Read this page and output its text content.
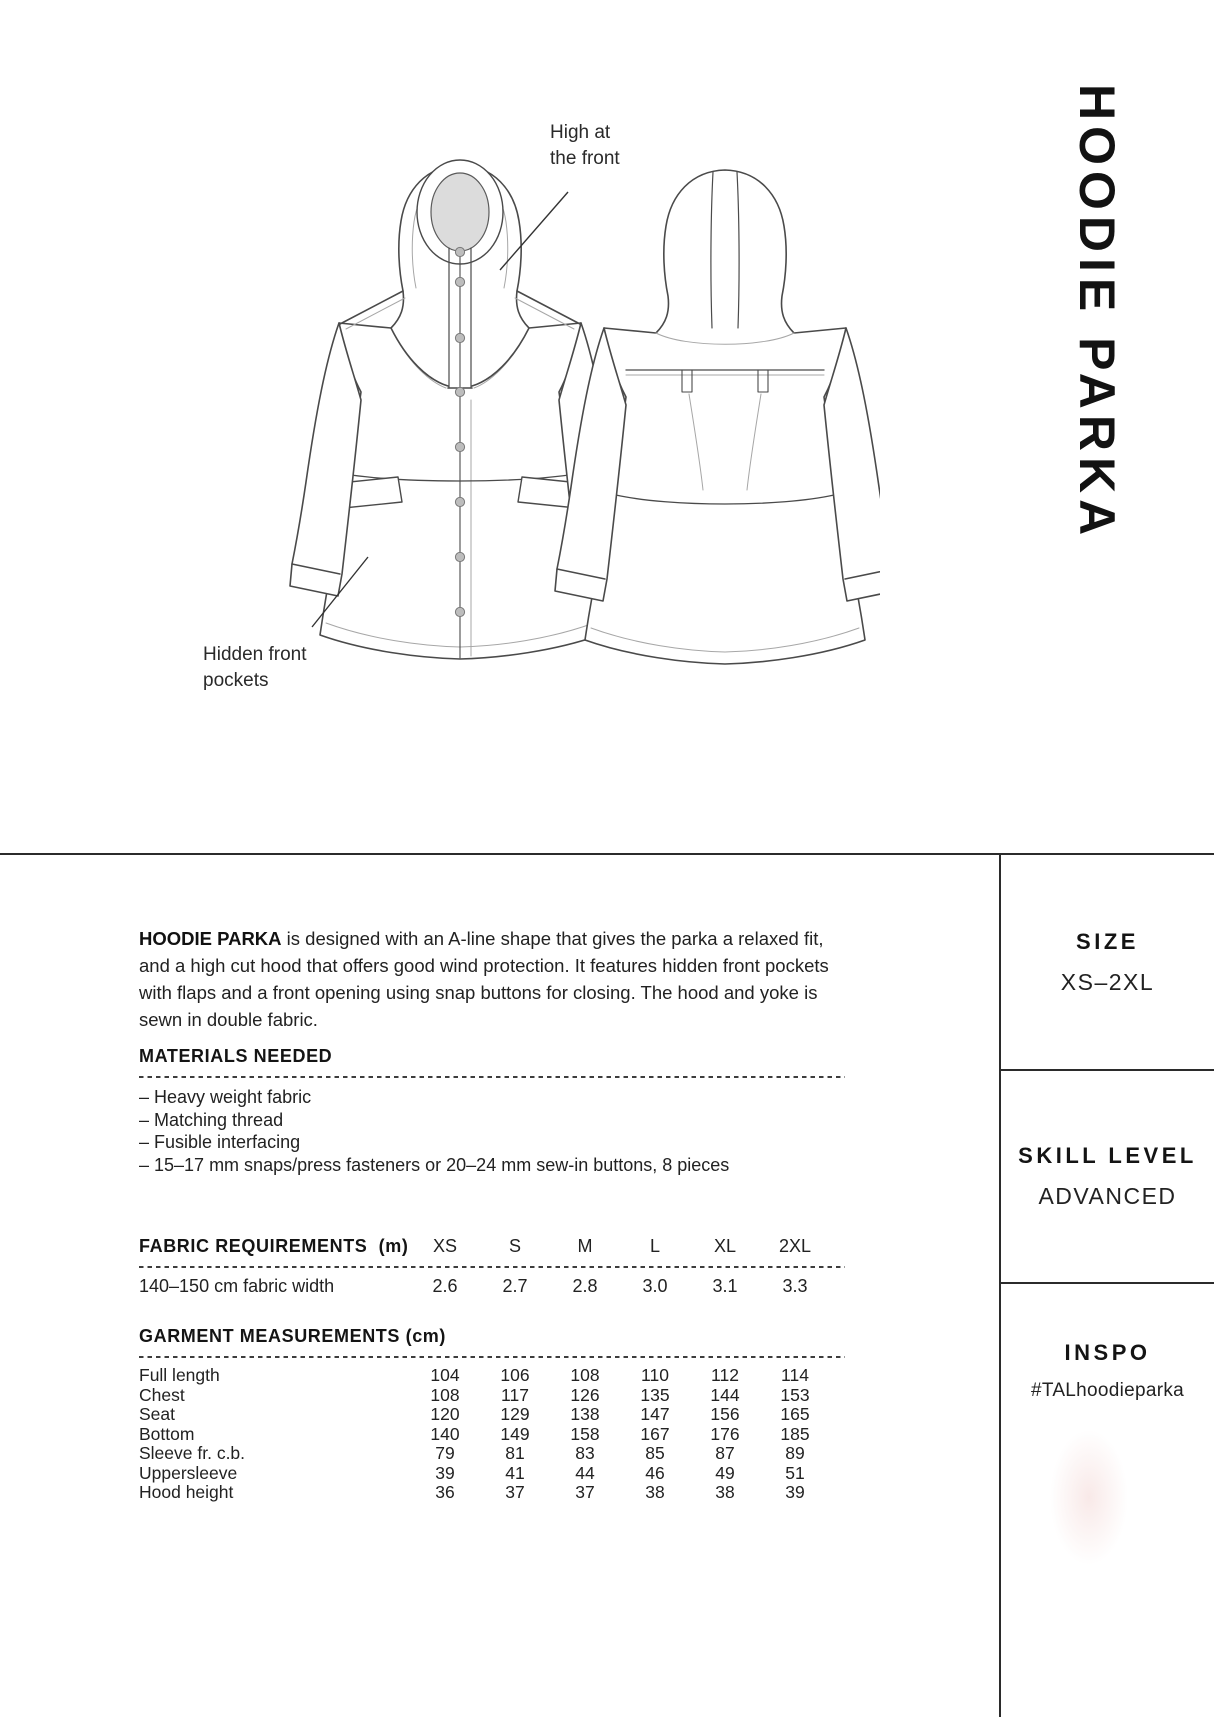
High at
the front
Hidden front
pockets
HOODIE PARKA
SIZE
XS–2XL
SKILL LEVEL
ADVANCED
INSPO
#TALhoodieparka

HOODIE PARKA is designed with an A-line shape that gives the parka a relaxed fit, and a high cut hood that offers good wind protection. It features hidden front pockets with flaps and a front opening using snap buttons for closing. The hood and yoke is sewn in double fabric.

MATERIALS NEEDED
– Heavy weight fabric
– Matching thread
– Fusible interfacing
– 15–17 mm snaps/press fasteners or 20–24 mm sew-in buttons, 8 pieces
FABRIC REQUIREMENTS (m)	XS	S	M	L	XL	2XL
140–150 cm fabric width	2.6	2.7	2.8	3.0	3.1	3.3
GARMENT MEASUREMENTS (cm)
Full length	104	106	108	110	112	114
Chest	108	117	126	135	144	153
Seat	120	129	138	147	156	165
Bottom	140	149	158	167	176	185
Sleeve fr. c.b.	79	81	83	85	87	89
Uppersleeve	39	41	44	46	49	51
Hood height	36	37	37	38	38	39
